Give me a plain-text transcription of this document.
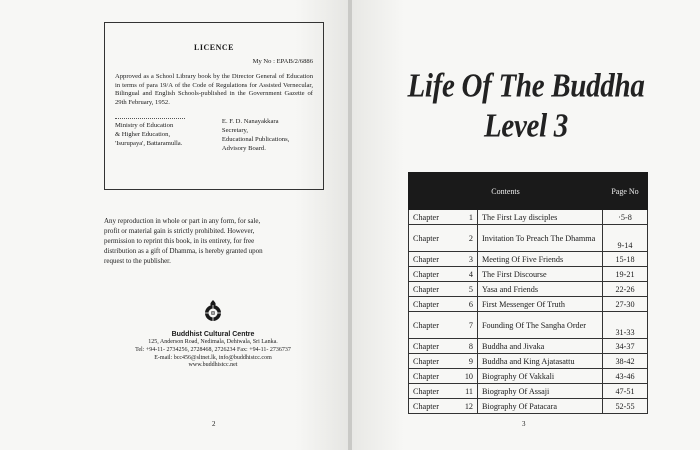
LICENCE
My No : EPAB/2/6886

Approved as a School Library book by the Director General of Education in terms of para 19/A of the Code of Regulations for Assisted Vernecular, Bilingual and English Schools-published in the Government Gazette of 29th February, 1952.

Ministry of Education
& Higher Education,
'Isurupaya', Battaramulla.
E. F. D. Nanayakkara
Secretary,
Educational Publications,
Advisory Board.

Any reproduction in whole or part in any form, for sale, profit or material gain is strictly prohibited. However, permission to reprint this book, in its entirety, for free distribution as a gift of Dhamma, is hereby granted upon request to the publisher.

Buddhist Cultural Centre
125, Anderson Road, Nedimala, Dehiwala, Sri Lanka.
Tel: +94-11- 2734256, 2728468, 2726234 Fax: +94-11- 2736737
E-mail: bcc456@sltnet.lk, info@buddhistcc.com
www.buddhistcc.net
2
Life Of The Buddha
Level 3
Contents			Page No
Chapter	1	The First Lay disciples	·5-8
Chapter	2	Invitation To Preach The Dhamma	9-14
Chapter	3	Meeting Of Five Friends	15-18
Chapter	4	The First Discourse	19-21
Chapter	5	Yasa and Friends	22-26
Chapter	6	First Messenger Of Truth	27-30
Chapter	7	Founding Of The Sangha Order	31-33
Chapter	8	Buddha and Jivaka	34-37
Chapter	9	Buddha and King Ajatasattu	38-42
Chapter	10	Biography Of Vakkali	43-46
Chapter	11	Biography Of Assaji	47-51
Chapter	12	Biography Of Patacara	52-55
3
